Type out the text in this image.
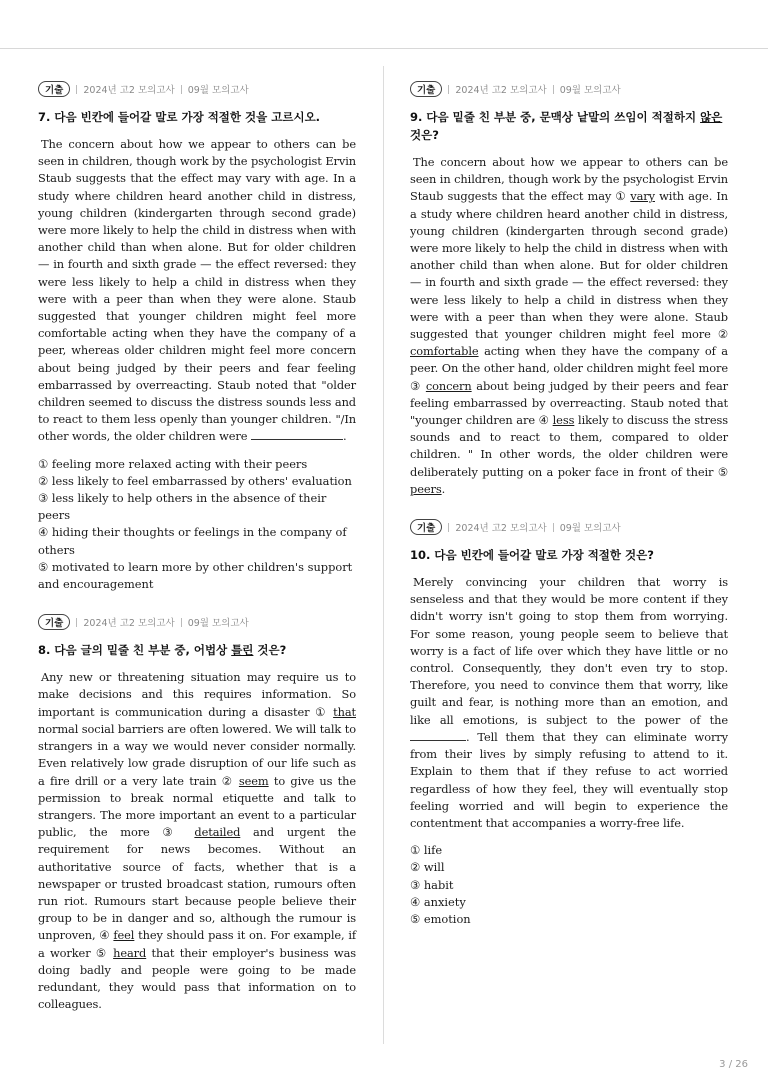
기출	2024년 고2 모의고사 09월 모의고사

7. 다음 빈칸에 들어갈 말로 가장 적절한 것을 고르시오.

The concern about how we appear to others can be seen in children, though work by the psychologist Ervin Staub suggests that the effect may vary with age. In a study where children heard another child in distress, young children (kindergarten through second grade) were more likely to help the child in distress when with another child than when alone. But for older children — in fourth and sixth grade — the effect reversed: they were less likely to help a child in distress when they were with a peer than when they were alone. Staub suggested that younger children might feel more comfortable acting when they have the company of a peer, whereas older children might feel more concern about being judged by their peers and fear feeling embarrassed by overreacting. Staub noted that "older children seemed to discuss the distress sounds less and to react to them less openly than younger children. "/In other words, the older children were	.

① feeling more relaxed acting with their peers
② less likely to feel embarrassed by others' evaluation
③ less likely to help others in the absence of their peers
④ hiding their thoughts or feelings in the company of others
⑤ motivated to learn more by other children's support and encouragement
기출	2024년 고2 모의고사 09월 모의고사

8. 다음 글의 밑줄 친 부분 중, 어법상 틀린 것은?

Any new or threatening situation may require us to make decisions and this requires information. So important is communication during a disaster ① that normal social barriers are often lowered. We will talk to strangers in a way we would never consider normally. Even relatively low grade disruption of our life such as a fire drill or a very late train ② seem to give us the permission to break normal etiquette and talk to strangers. The more important an event to a particular public, the more ③ detailed and urgent the requirement for news becomes. Without an authoritative source of facts, whether that is a newspaper or trusted broadcast station, rumours often run riot. Rumours start because people believe their group to be in danger and so, although the rumour is unproven, ④ feel they should pass it on. For example, if a worker ⑤ heard that their employer's business was doing badly and people were going to be made redundant, they would pass that information on to colleagues.

기출	2024년 고2 모의고사 09월 모의고사

9. 다음 밑줄 친 부분 중, 문맥상 낱말의 쓰임이 적절하지 않은 것은?

The concern about how we appear to others can be seen in children, though work by the psychologist Ervin Staub suggests that the effect may ① vary with age. In a study where children heard another child in distress, young children (kindergarten through second grade) were more likely to help the child in distress when with another child than when alone. But for older children — in fourth and sixth grade — the effect reversed: they were less likely to help a child in distress when they were with a peer than when they were alone. Staub suggested that younger children might feel more ② comfortable acting when they have the company of a peer. On the other hand, older children might feel more ③ concern about being judged by their peers and fear feeling embarrassed by overreacting. Staub noted that "younger children are ④ less likely to discuss the stress sounds and to react to them, compared to older children. " In other words, the older children were deliberately putting on a poker face in front of their ⑤ peers.

기출	2024년 고2 모의고사 09월 모의고사

10. 다음 빈칸에 들어갈 말로 가장 적절한 것은?

Merely convincing your children that worry is senseless and that they would be more content if they didn't worry isn't going to stop them from worrying. For some reason, young people seem to believe that worry is a fact of life over which they have little or no control. Consequently, they don't even try to stop. Therefore, you need to convince them that worry, like guilt and fear, is nothing more than an emotion, and like all emotions, is subject to the power of the . Tell them that they can eliminate worry from their lives by simply refusing to attend to it. Explain to them that if they refuse to act worried regardless of how they feel, they will eventually stop feeling worried and will begin to experience the contentment that accompanies a worry-free life.

① life
② will
③ habit
④ anxiety
⑤ emotion
3 / 26
